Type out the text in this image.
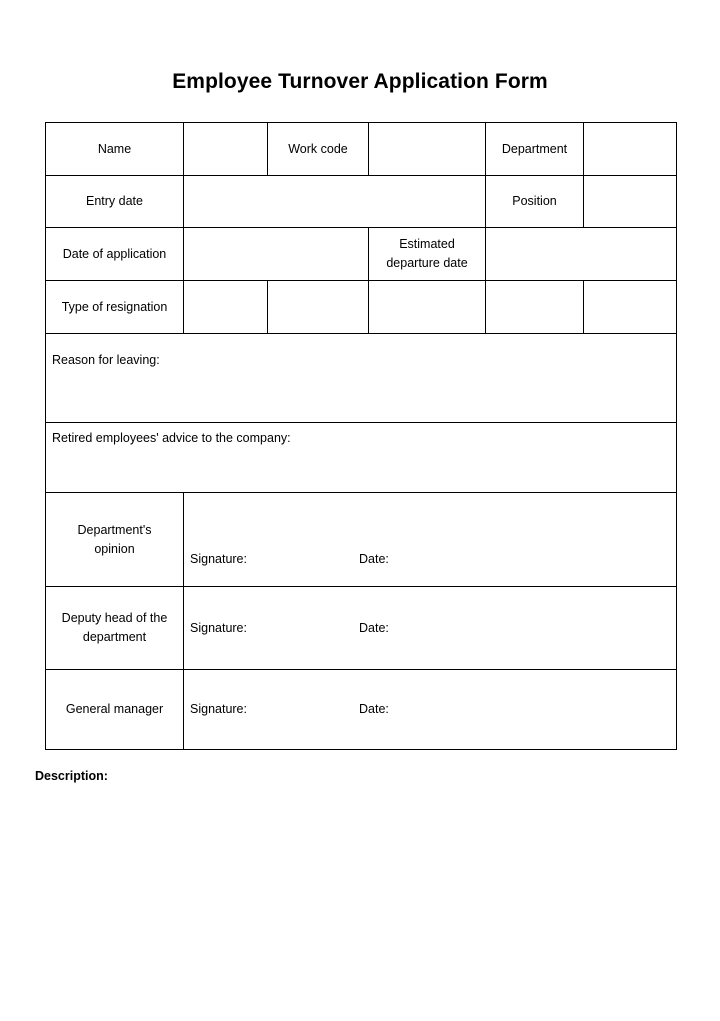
Employee Turnover Application Form
Name		Work code		Department	
Entry date				Position	
Date of application			Estimated
departure date		
Type of resignation					
Reason for leaving:					
Retired employees' advice to the company:					
Department's
opinion	Signature: Date:				
Deputy head of the
department	Signature: Date:				
General manager	Signature: Date:				
Description:
